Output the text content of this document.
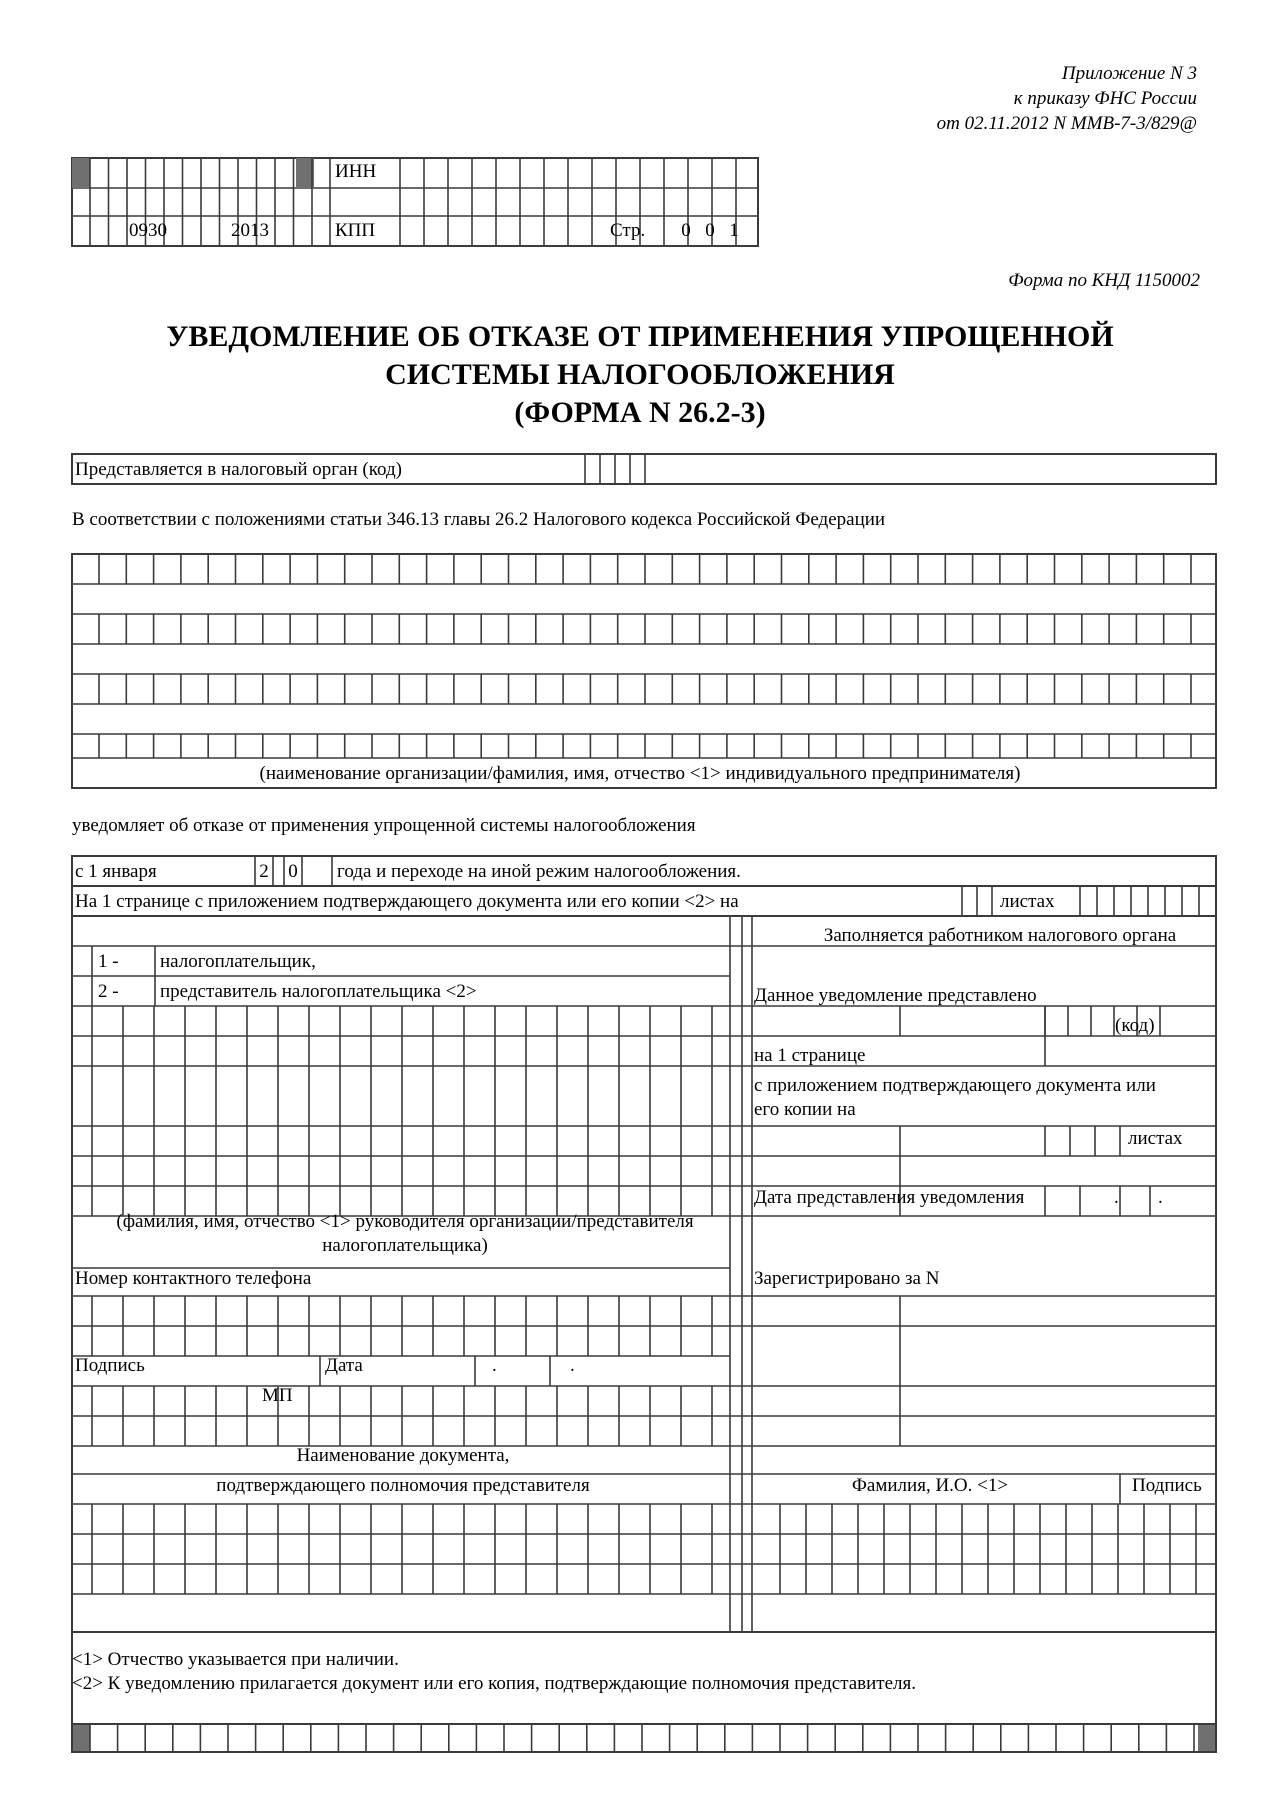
Приложение N 3
к приказу ФНС России
от 02.11.2012 N ММВ-7-3/829@
ИНН
0930	2013	КПП	Стр. 0 0 1
Форма по КНД 1150002
УВЕДОМЛЕНИЕ ОБ ОТКАЗЕ ОТ ПРИМЕНЕНИЯ УПРОЩЕННОЙ
СИСТЕМЫ НАЛОГООБЛОЖЕНИЯ
(ФОРМА N 26.2-3)
Представляется в налоговый орган (код)
В соответствии с положениями статьи 346.13 главы 26.2 Налогового кодекса Российской Федерации
(наименование организации/фамилия, имя, отчество <1> индивидуального предпринимателя)
уведомляет об отказе от применения упрощенной системы налогообложения
с 1 января	2 0 года и переходе на иной режим налогообложения.
На 1 странице с приложением подтверждающего документа или его копии <2> на	листах
1 - налогоплательщик,
2 - представитель налогоплательщика <2>
(фамилия, имя, отчество <1> руководителя организации/представителя
налогоплательщика)
Номер контактного телефона
Подпись	Дата	.	.
МП
Наименование документа,
подтверждающего полномочия представителя
Заполняется работником налогового органа
Данное уведомление представлено
(код)
на 1 странице
с приложением подтверждающего документа или
его копии на
листах
Дата представления уведомления	. .
Зарегистрировано за N
Фамилия, И.О. <1>	Подпись
<1> Отчество указывается при наличии.
<2> К уведомлению прилагается документ или его копия, подтверждающие полномочия представителя.
